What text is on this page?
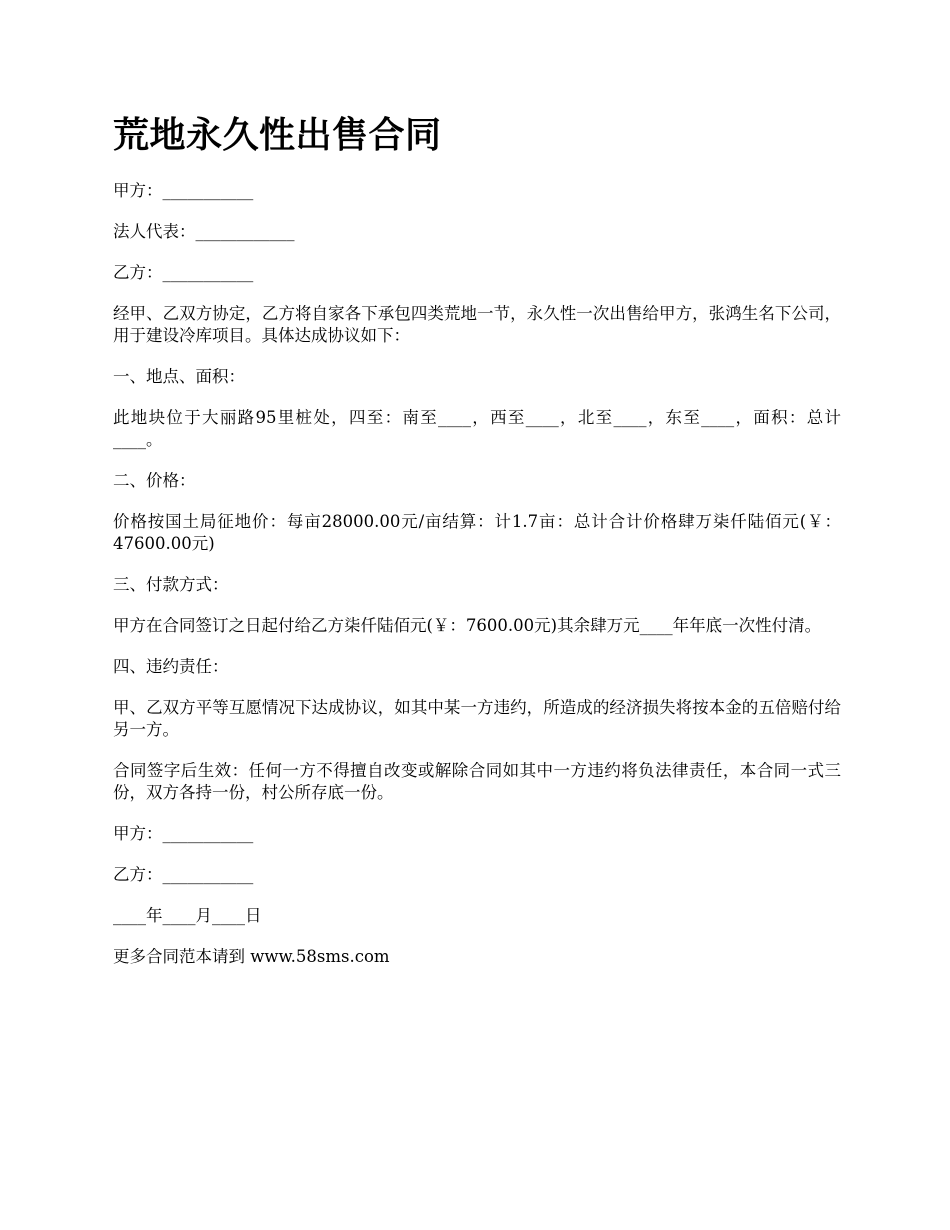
荒地永久性出售合同

甲方：___________

法人代表：____________

乙方：___________

经甲、乙双方协定，乙方将自家各下承包四类荒地一节，永久性一次出售给甲方，张鸿生名下公司，用于建设冷库项目。具体达成协议如下：

一、地点、面积：

此地块位于大丽路95里桩处，四至：南至____，西至____，北至____，东至____，面积：总计____。

二、价格：

价格按国土局征地价：每亩28000.00元/亩结算：计1.7亩：总计合计价格肆万柒仟陆佰元(￥：47600.00元)

三、付款方式：

甲方在合同签订之日起付给乙方柒仟陆佰元(￥：7600.00元)其余肆万元____年年底一次性付清。

四、违约责任：

甲、乙双方平等互愿情况下达成协议，如其中某一方违约，所造成的经济损失将按本金的五倍赔付给另一方。

合同签字后生效：任何一方不得擅自改变或解除合同如其中一方违约将负法律责任，本合同一式三份，双方各持一份，村公所存底一份。

甲方：___________

乙方：___________

____年____月____日

更多合同范本请到 www.58sms.com
